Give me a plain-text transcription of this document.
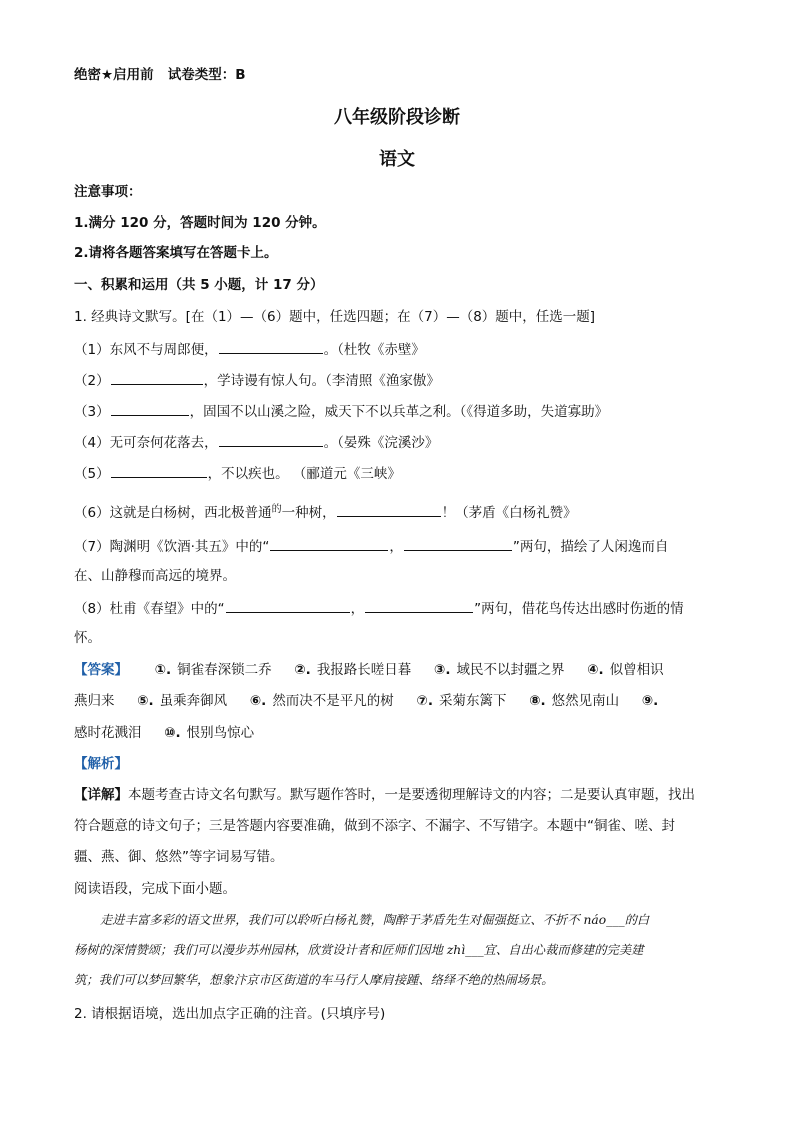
绝密★启用前 试卷类型：B
八年级阶段诊断
语文
注意事项：
1.满分 120 分，答题时间为 120 分钟。
2.请将各题答案填写在答题卡上。
一、积累和运用（共 5 小题，计 17 分）
1. 经典诗文默写。[在（1）—（6）题中，任选四题；在（7）—（8）题中，任选一题]
（1）东风不与周郎便，	。（杜牧《赤壁》
（2）	，学诗谩有惊人句。（李清照《渔家傲》
（3）	，固国不以山溪之险，威天下不以兵革之利。（《得道多助，失道寡助》
（4）无可奈何花落去，	。（晏殊《浣溪沙》
（5）	，不以疾也。 （郦道元《三峡》
（6）这就是白杨树，西北极普通$^的$一种树，	！（茅盾《白杨礼赞》
（7）陶渊明《饮酒·其五》中的“	，	”两句，描绘了人闲逸而自
在、山静穆而高远的境界。
（8）杜甫《春望》中的“	，	”两句，借花鸟传达出感时伤逝的情
怀。
【答案】 ①. 铜雀春深锁二乔 ②. 我报路长嗟日暮 ③. 域民不以封疆之界 ④. 似曾相识
燕归来 ⑤. 虽乘奔御风 ⑥. 然而决不是平凡的树 ⑦. 采菊东篱下 ⑧. 悠然见南山 ⑨.
感时花溅泪 ⑩. 恨别鸟惊心
【解析】
【详解】本题考查古诗文名句默写。默写题作答时，一是要透彻理解诗文的内容；二是要认真审题，找出
符合题意的诗文句子；三是答题内容要准确，做到不添字、不漏字、不写错字。本题中“铜雀、嗟、封
疆、燕、御、悠然”等字词易写错。
阅读语段，完成下面小题。
走进丰富多彩的语文世界，我们可以聆听白杨礼赞，陶醉于茅盾先生对倔强挺立、不折不 náo___的白
杨树的深情赞颂；我们可以漫步苏州园林，欣赏设计者和匠师们因地 zhì___宜、自出心裁而修建的完美建
筑；我们可以梦回繁华，想象汴京市区街道的车马行人摩肩接踵、络绎不绝的热闹场景。
2. 请根据语境，选出加点字正确的注音。(只填序号)
